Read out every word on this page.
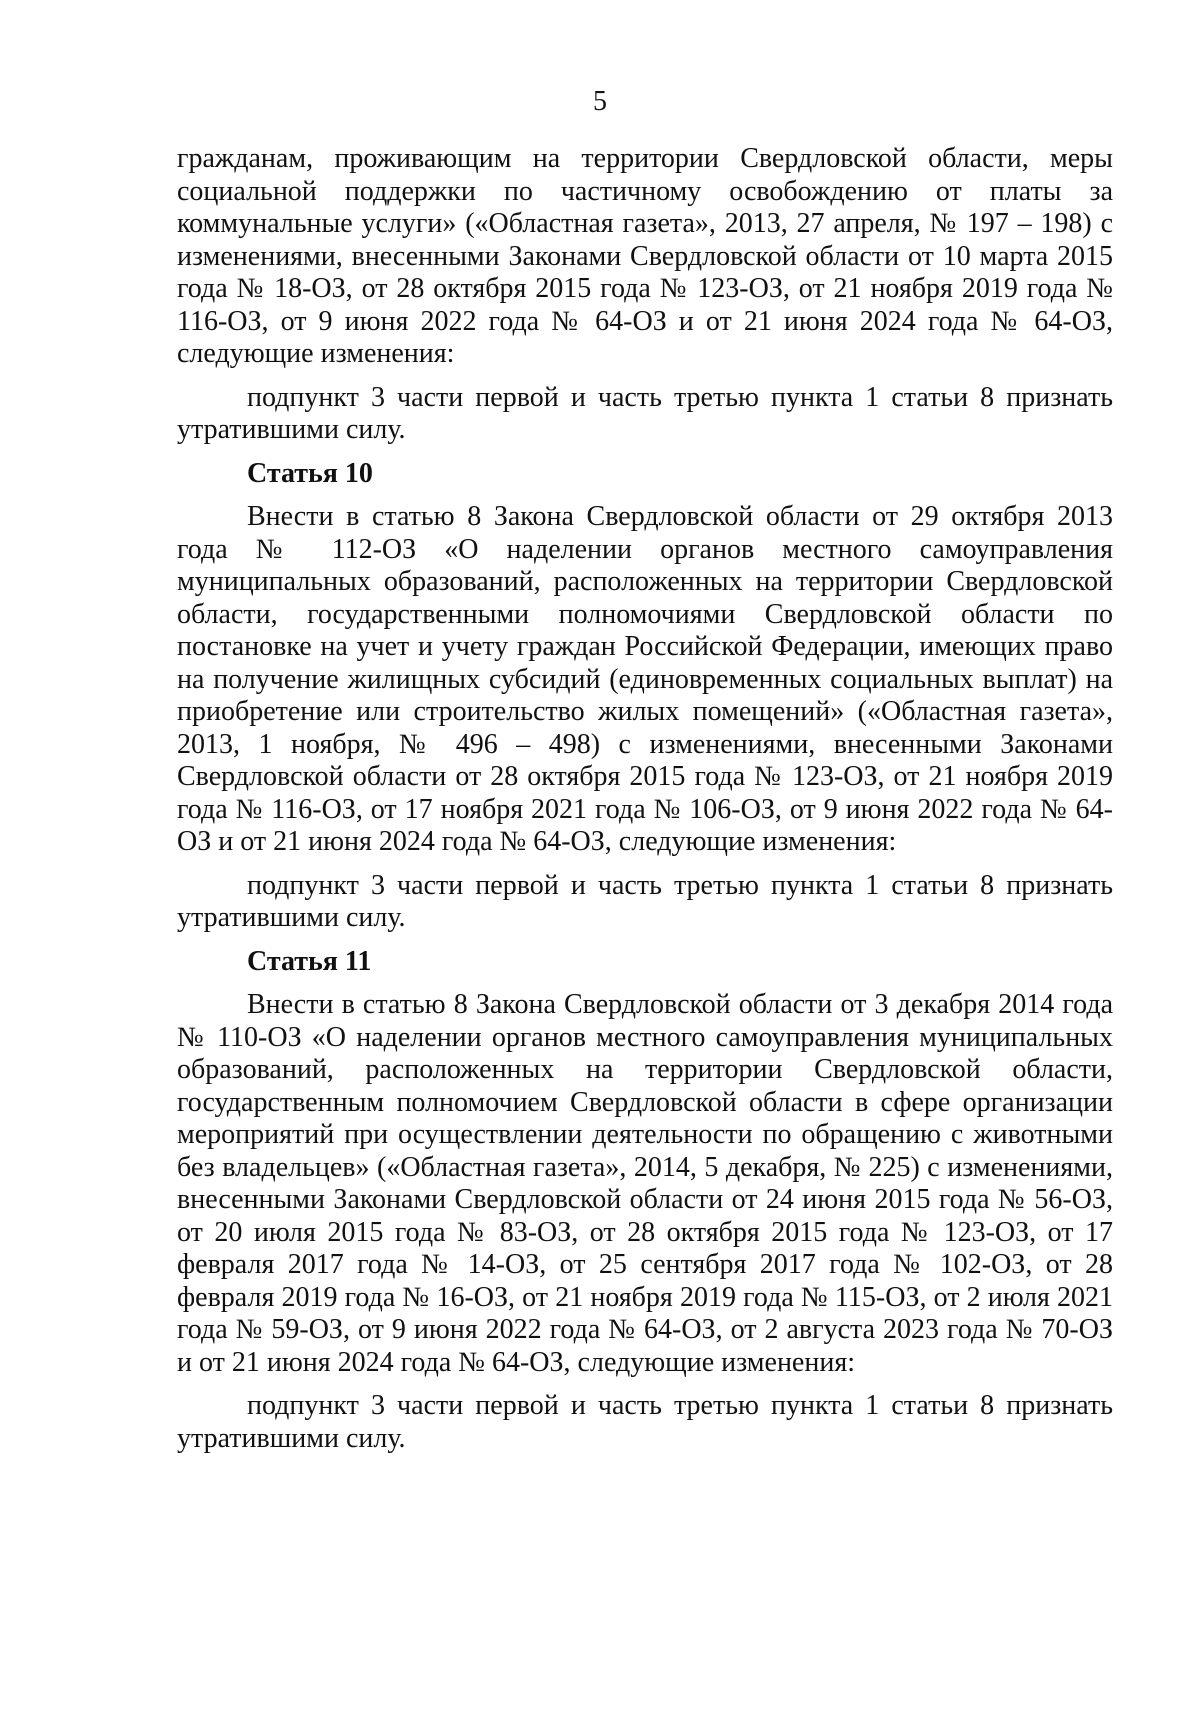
5

гражданам, проживающим на территории Свердловской области, меры социальной поддержки по частичному освобождению от платы за коммунальные услуги» («Областная газета», 2013, 27 апреля, № 197 – 198) с изменениями, внесенными Законами Свердловской области от 10 марта 2015 года № 18-ОЗ, от 28 октября 2015 года № 123-ОЗ, от 21 ноября 2019 года № 116-ОЗ, от 9 июня 2022 года № 64-ОЗ и от 21 июня 2024 года № 64-ОЗ, следующие изменения:

подпункт 3 части первой и часть третью пункта 1 статьи 8 признать утратившими силу.

Статья 10

Внести в статью 8 Закона Свердловской области от 29 октября 2013 года № 112-ОЗ «О наделении органов местного самоуправления муниципальных образований, расположенных на территории Свердловской области, государственными полномочиями Свердловской области по постановке на учет и учету граждан Российской Федерации, имеющих право на получение жилищных субсидий (единовременных социальных выплат) на приобретение или строительство жилых помещений» («Областная газета», 2013, 1 ноября, № 496 – 498) с изменениями, внесенными Законами Свердловской области от 28 октября 2015 года № 123-ОЗ, от 21 ноября 2019 года № 116-ОЗ, от 17 ноября 2021 года № 106-ОЗ, от 9 июня 2022 года № 64-ОЗ и от 21 июня 2024 года № 64-ОЗ, следующие изменения:

подпункт 3 части первой и часть третью пункта 1 статьи 8 признать утратившими силу.

Статья 11

Внести в статью 8 Закона Свердловской области от 3 декабря 2014 года № 110-ОЗ «О наделении органов местного самоуправления муниципальных образований, расположенных на территории Свердловской области, государственным полномочием Свердловской области в сфере организации мероприятий при осуществлении деятельности по обращению с животными без владельцев» («Областная газета», 2014, 5 декабря, № 225) с изменениями, внесенными Законами Свердловской области от 24 июня 2015 года № 56-ОЗ, от 20 июля 2015 года № 83-ОЗ, от 28 октября 2015 года № 123-ОЗ, от 17 февраля 2017 года № 14-ОЗ, от 25 сентября 2017 года № 102-ОЗ, от 28 февраля 2019 года № 16-ОЗ, от 21 ноября 2019 года № 115-ОЗ, от 2 июля 2021 года № 59-ОЗ, от 9 июня 2022 года № 64-ОЗ, от 2 августа 2023 года № 70-ОЗ и от 21 июня 2024 года № 64-ОЗ, следующие изменения:

подпункт 3 части первой и часть третью пункта 1 статьи 8 признать утратившими силу.
